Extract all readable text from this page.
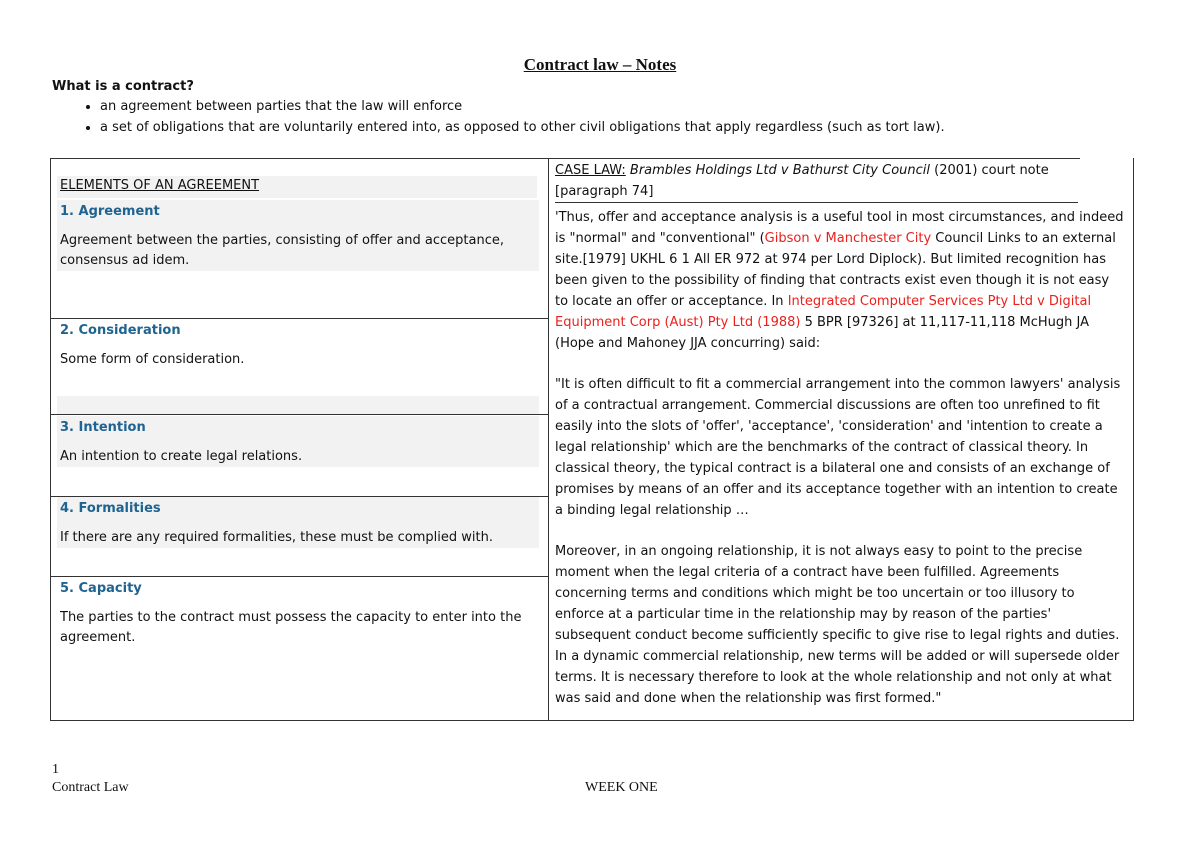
Contract law – Notes
What is a contract?
• an agreement between parties that the law will enforce
• a set of obligations that are voluntarily entered into, as opposed to other civil obligations that apply regardless (such as tort law).
ELEMENTS OF AN AGREEMENT
1. Agreement
Agreement between the parties, consisting of offer and acceptance, consensus ad idem.
2. Consideration
Some form of consideration.
3. Intention
An intention to create legal relations.
4. Formalities
If there are any required formalities, these must be complied with.
5. Capacity
The parties to the contract must possess the capacity to enter into the agreement.
CASE LAW: Brambles Holdings Ltd v Bathurst City Council (2001) court note [paragraph 74]

'Thus, offer and acceptance analysis is a useful tool in most circumstances, and indeed is "normal" and "conventional" (Gibson v Manchester City Council Links to an external site.[1979] UKHL 6 1 All ER 972 at 974 per Lord Diplock). But limited recognition has been given to the possibility of finding that contracts exist even though it is not easy to locate an offer or acceptance. In Integrated Computer Services Pty Ltd v Digital Equipment Corp (Aust) Pty Ltd (1988) 5 BPR [97326] at 11,117-11,118 McHugh JA (Hope and Mahoney JJA concurring) said:

"It is often difficult to fit a commercial arrangement into the common lawyers' analysis of a contractual arrangement. Commercial discussions are often too unrefined to fit easily into the slots of 'offer', 'acceptance', 'consideration' and 'intention to create a legal relationship' which are the benchmarks of the contract of classical theory. In classical theory, the typical contract is a bilateral one and consists of an exchange of promises by means of an offer and its acceptance together with an intention to create a binding legal relationship …

Moreover, in an ongoing relationship, it is not always easy to point to the precise moment when the legal criteria of a contract have been fulfilled. Agreements concerning terms and conditions which might be too uncertain or too illusory to enforce at a particular time in the relationship may by reason of the parties' subsequent conduct become sufficiently specific to give rise to legal rights and duties. In a dynamic commercial relationship, new terms will be added or will supersede older terms. It is necessary therefore to look at the whole relationship and not only at what was said and done when the relationship was first formed."

1
Contract Law	WEEK ONE
